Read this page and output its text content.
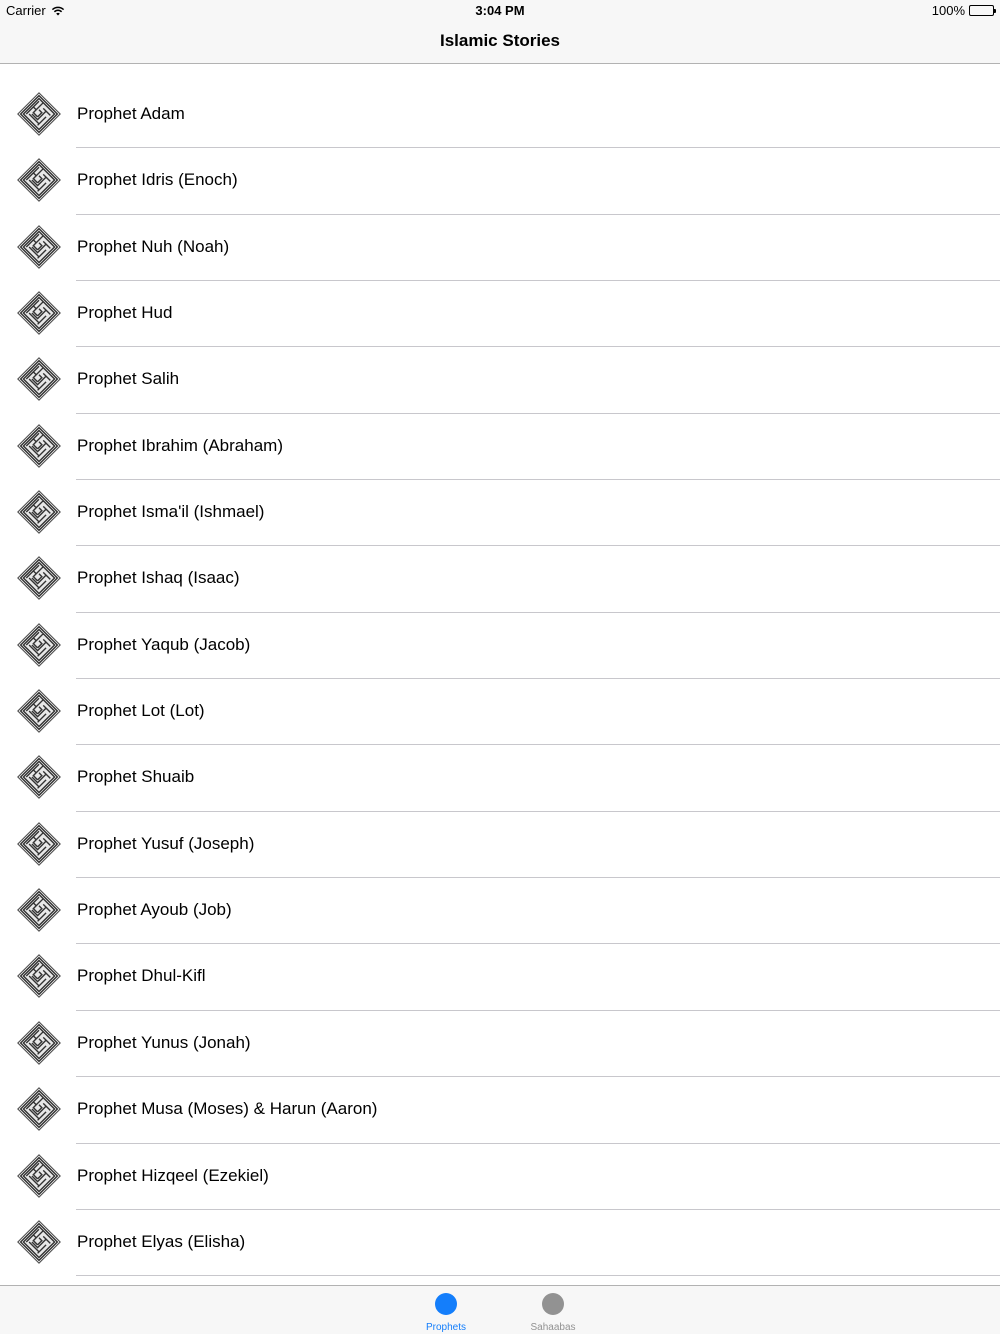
Carrier	3:04 PM	100%
Islamic Stories
Prophet Adam
Prophet Idris (Enoch)
Prophet Nuh (Noah)
Prophet Hud
Prophet Salih
Prophet Ibrahim (Abraham)
Prophet Isma'il (Ishmael)
Prophet Ishaq (Isaac)
Prophet Yaqub (Jacob)
Prophet Lot (Lot)
Prophet Shuaib
Prophet Yusuf (Joseph)
Prophet Ayoub (Job)
Prophet Dhul-Kifl
Prophet Yunus (Jonah)
Prophet Musa (Moses) & Harun (Aaron)
Prophet Hizqeel (Ezekiel)
Prophet Elyas (Elisha)
Prophets	Sahaabas
